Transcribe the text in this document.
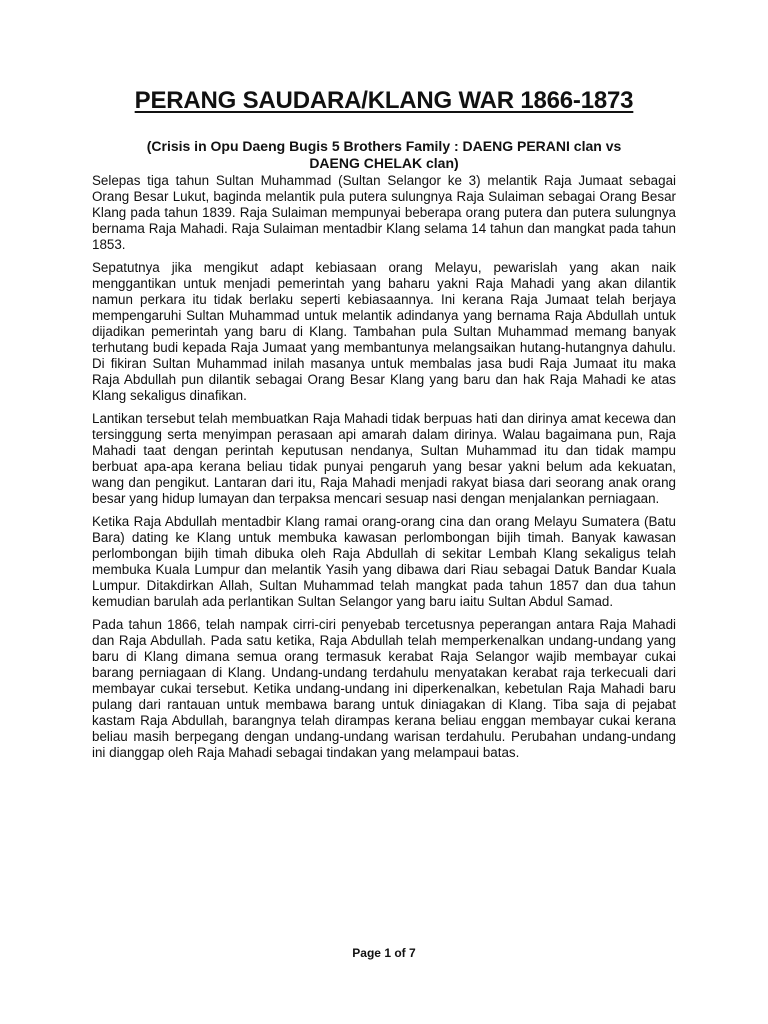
PERANG SAUDARA/KLANG WAR 1866-1873
(Crisis in Opu Daeng Bugis 5 Brothers Family : DAENG PERANI clan vs DAENG CHELAK clan)

Selepas tiga tahun Sultan Muhammad (Sultan Selangor ke 3) melantik Raja Jumaat sebagai Orang Besar Lukut, baginda melantik pula putera sulungnya Raja Sulaiman sebagai Orang Besar Klang pada tahun 1839. Raja Sulaiman mempunyai beberapa orang putera dan putera sulungnya bernama Raja Mahadi. Raja Sulaiman mentadbir Klang selama 14 tahun dan mangkat pada tahun 1853.

Sepatutnya jika mengikut adapt kebiasaan orang Melayu, pewarislah yang akan naik menggantikan untuk menjadi pemerintah yang baharu yakni Raja Mahadi yang akan dilantik namun perkara itu tidak berlaku seperti kebiasaannya. Ini kerana Raja Jumaat telah berjaya mempengaruhi Sultan Muhammad untuk melantik adindanya yang bernama Raja Abdullah untuk dijadikan pemerintah yang baru di Klang. Tambahan pula Sultan Muhammad memang banyak terhutang budi kepada Raja Jumaat yang membantunya melangsaikan hutang-hutangnya dahulu. Di fikiran Sultan Muhammad inilah masanya untuk membalas jasa budi Raja Jumaat itu maka Raja Abdullah pun dilantik sebagai Orang Besar Klang yang baru dan hak Raja Mahadi ke atas Klang sekaligus dinafikan.

Lantikan tersebut telah membuatkan Raja Mahadi tidak berpuas hati dan dirinya amat kecewa dan tersinggung serta menyimpan perasaan api amarah dalam dirinya. Walau bagaimana pun, Raja Mahadi taat dengan perintah keputusan nendanya, Sultan Muhammad itu dan tidak mampu berbuat apa-apa kerana beliau tidak punyai pengaruh yang besar yakni belum ada kekuatan, wang dan pengikut. Lantaran dari itu, Raja Mahadi menjadi rakyat biasa dari seorang anak orang besar yang hidup lumayan dan terpaksa mencari sesuap nasi dengan menjalankan perniagaan.

Ketika Raja Abdullah mentadbir Klang ramai orang-orang cina dan orang Melayu Sumatera (Batu Bara) dating ke Klang untuk membuka kawasan perlombongan bijih timah. Banyak kawasan perlombongan bijih timah dibuka oleh Raja Abdullah di sekitar Lembah Klang sekaligus telah membuka Kuala Lumpur dan melantik Yasih yang dibawa dari Riau sebagai Datuk Bandar Kuala Lumpur. Ditakdirkan Allah, Sultan Muhammad telah mangkat pada tahun 1857 dan dua tahun kemudian barulah ada perlantikan Sultan Selangor yang baru iaitu Sultan Abdul Samad.

Pada tahun 1866, telah nampak cirri-ciri penyebab tercetusnya peperangan antara Raja Mahadi dan Raja Abdullah. Pada satu ketika, Raja Abdullah telah memperkenalkan undang-undang yang baru di Klang dimana semua orang termasuk kerabat Raja Selangor wajib membayar cukai barang perniagaan di Klang. Undang-undang terdahulu menyatakan kerabat raja terkecuali dari membayar cukai tersebut. Ketika undang-undang ini diperkenalkan, kebetulan Raja Mahadi baru pulang dari rantauan untuk membawa barang untuk diniagakan di Klang. Tiba saja di pejabat kastam Raja Abdullah, barangnya telah dirampas kerana beliau enggan membayar cukai kerana beliau masih berpegang dengan undang-undang warisan terdahulu. Perubahan undang-undang ini dianggap oleh Raja Mahadi sebagai tindakan yang melampaui batas.

Page 1 of 7
